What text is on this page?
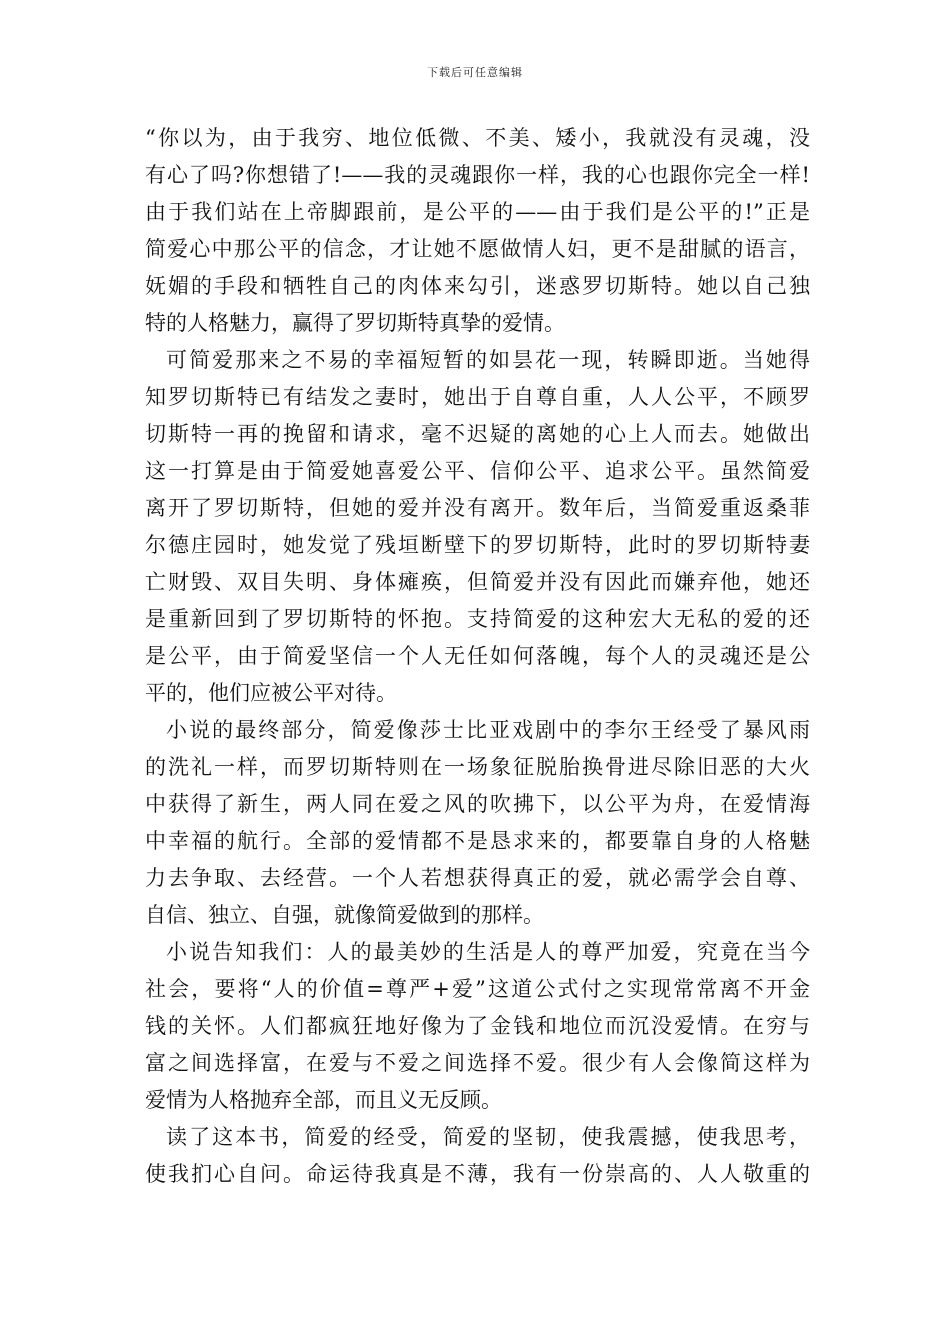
下载后可任意编辑
“你以为，由于我穷、地位低微、不美、矮小，我就没有灵魂，没
有心了吗?你想错了!——我的灵魂跟你一样，我的心也跟你完全一样!
由于我们站在上帝脚跟前，是公平的——由于我们是公平的!”正是
简爱心中那公平的信念，才让她不愿做情人妇，更不是甜腻的语言，
妩媚的手段和牺牲自己的肉体来勾引，迷惑罗切斯特。她以自己独
特的人格魅力，赢得了罗切斯特真挚的爱情。
可简爱那来之不易的幸福短暂的如昙花一现，转瞬即逝。当她得
知罗切斯特已有结发之妻时，她出于自尊自重，人人公平，不顾罗
切斯特一再的挽留和请求，毫不迟疑的离她的心上人而去。她做出
这一打算是由于简爱她喜爱公平、信仰公平、追求公平。虽然简爱
离开了罗切斯特，但她的爱并没有离开。数年后，当简爱重返桑菲
尔德庄园时，她发觉了残垣断壁下的罗切斯特，此时的罗切斯特妻
亡财毁、双目失明、身体瘫痪，但简爱并没有因此而嫌弃他，她还
是重新回到了罗切斯特的怀抱。支持简爱的这种宏大无私的爱的还
是公平，由于简爱坚信一个人无任如何落魄，每个人的灵魂还是公
平的，他们应被公平对待。
小说的最终部分，简爱像莎士比亚戏剧中的李尔王经受了暴风雨
的洗礼一样，而罗切斯特则在一场象征脱胎换骨进尽除旧恶的大火
中获得了新生，两人同在爱之风的吹拂下，以公平为舟，在爱情海
中幸福的航行。全部的爱情都不是恳求来的，都要靠自身的人格魅
力去争取、去经营。一个人若想获得真正的爱，就必需学会自尊、
自信、独立、自强，就像简爱做到的那样。
小说告知我们：人的最美妙的生活是人的尊严加爱，究竟在当今
社会，要将“人的价值=尊严+爱”这道公式付之实现常常离不开金
钱的关怀。人们都疯狂地好像为了金钱和地位而沉没爱情。在穷与
富之间选择富，在爱与不爱之间选择不爱。很少有人会像简这样为
爱情为人格抛弃全部，而且义无反顾。
读了这本书，简爱的经受，简爱的坚韧，使我震撼，使我思考，
使我扪心自问。命运待我真是不薄，我有一份崇高的、人人敬重的
